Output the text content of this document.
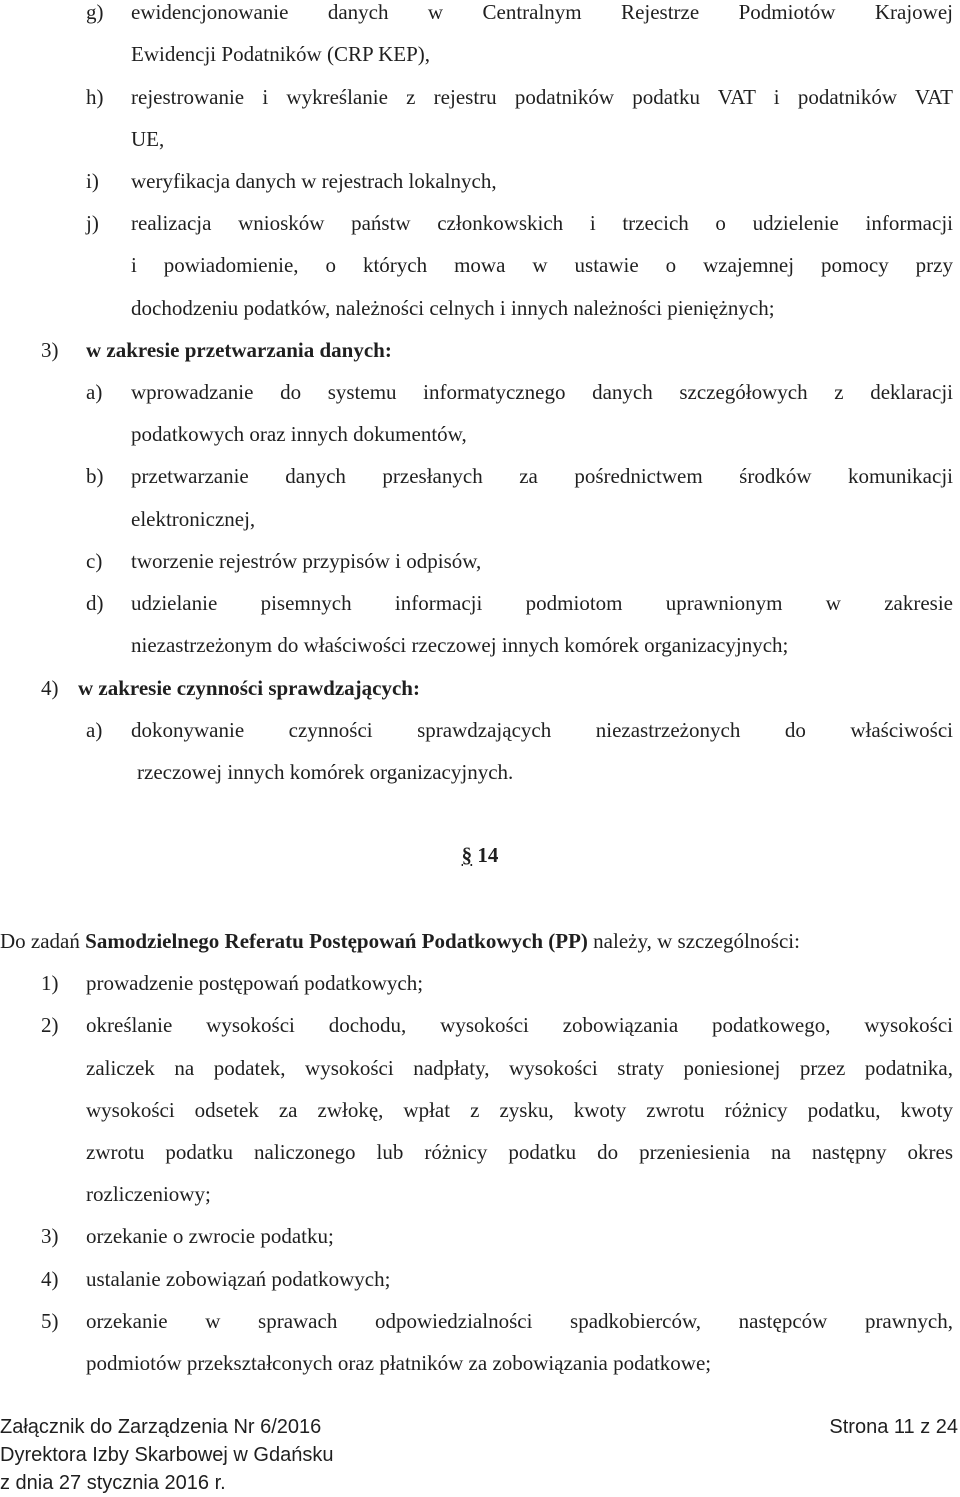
g) ewidencjonowanie danych w Centralnym Rejestrze Podmiotów Krajowej
Ewidencji Podatników (CRP KEP),
h) rejestrowanie i wykreślanie z rejestru podatników podatku VAT i podatników VAT
UE,
i) weryfikacja danych w rejestrach lokalnych,
j) realizacja wniosków państw członkowskich i trzecich o udzielenie informacji
i powiadomienie, o których mowa w ustawie o wzajemnej pomocy przy
dochodzeniu podatków, należności celnych i innych należności pieniężnych;
3) w zakresie przetwarzania danych:
a) wprowadzanie do systemu informatycznego danych szczegółowych z deklaracji
podatkowych oraz innych dokumentów,
b) przetwarzanie danych przesłanych za pośrednictwem środków komunikacji
elektronicznej,
c) tworzenie rejestrów przypisów i odpisów,
d) udzielanie pisemnych informacji podmiotom uprawnionym w zakresie
niezastrzeżonym do właściwości rzeczowej innych komórek organizacyjnych;
4) w zakresie czynności sprawdzających:
a) dokonywanie czynności sprawdzających niezastrzeżonych do właściwości
rzeczowej innych komórek organizacyjnych.
§ 14
Do zadań Samodzielnego Referatu Postępowań Podatkowych (PP) należy, w szczególności:
1) prowadzenie postępowań podatkowych;
2) określanie wysokości dochodu, wysokości zobowiązania podatkowego, wysokości
zaliczek na podatek, wysokości nadpłaty, wysokości straty poniesionej przez podatnika,
wysokości odsetek za zwłokę, wpłat z zysku, kwoty zwrotu różnicy podatku, kwoty
zwrotu podatku naliczonego lub różnicy podatku do przeniesienia na następny okres
rozliczeniowy;
3) orzekanie o zwrocie podatku;
4) ustalanie zobowiązań podatkowych;
5) orzekanie w sprawach odpowiedzialności spadkobierców, następców prawnych,
podmiotów przekształconych oraz płatników za zobowiązania podatkowe;
Załącznik do Zarządzenia Nr 6/2016	Strona 11 z 24
Dyrektora Izby Skarbowej w Gdańsku
z dnia 27 stycznia 2016 r.
